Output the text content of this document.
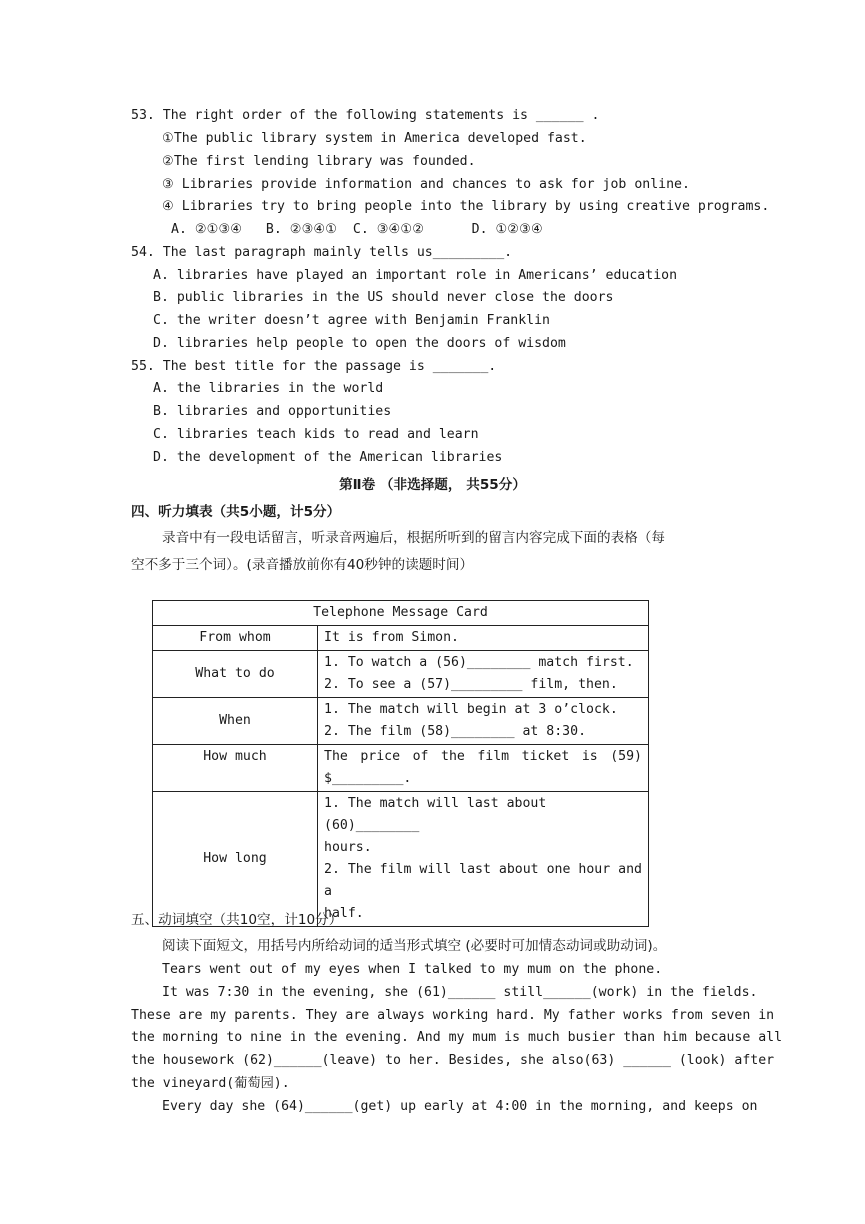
53. The right order of the following statements is ______ .
①The public library system in America developed fast.
②The first lending library was founded.
③ Libraries provide information and chances to ask for job online.
④ Libraries try to bring people into the library by using creative programs.
A. ②①③④   B. ②③④①  C. ③④①②      D. ①②③④
54. The last paragraph mainly tells us_________.
A. libraries have played an important role in Americans’ education
B. public libraries in the US should never close the doors
C. the writer doesn’t agree with Benjamin Franklin
D. libraries help people to open the doors of wisdom
55. The best title for the passage is _______.
A. the libraries in the world
B. libraries and opportunities
C. libraries teach kids to read and learn
D. the development of the American libraries
第Ⅱ卷 （非选择题， 共55分）
四、听力填表（共5小题，计5分）
录音中有一段电话留言，听录音两遍后，根据所听到的留言内容完成下面的表格（每
空不多于三个词）。(录音播放前你有40秒钟的读题时间）
Telephone Message Card	
From whom	It is from Simon.

What to do	1. To watch a (56)________ match first.
2. To see a (57)_________ film, then.

When	1. The match will begin at 3 o’clock.
2. The film (58)________ at 8:30.

How much	The price of the film ticket is (59)
$_________.

How long	1. The match will last about (60)________
hours.
2. The film will last about one hour and a
half.
五、动词填空（共10空，计10分）
阅读下面短文，用括号内所给动词的适当形式填空 (必要时可加情态动词或助动词)。
Tears went out of my eyes when I talked to my mum on the phone.
It was 7:30 in the evening, she (61)______ still______(work) in the fields.
These are my parents. They are always working hard. My father works from seven in
the morning to nine in the evening. And my mum is much busier than him because all
the housework (62)______(leave) to her. Besides, she also(63) ______ (look) after
the vineyard(葡萄园).
Every day she (64)______(get) up early at 4:00 in the morning, and keeps on
